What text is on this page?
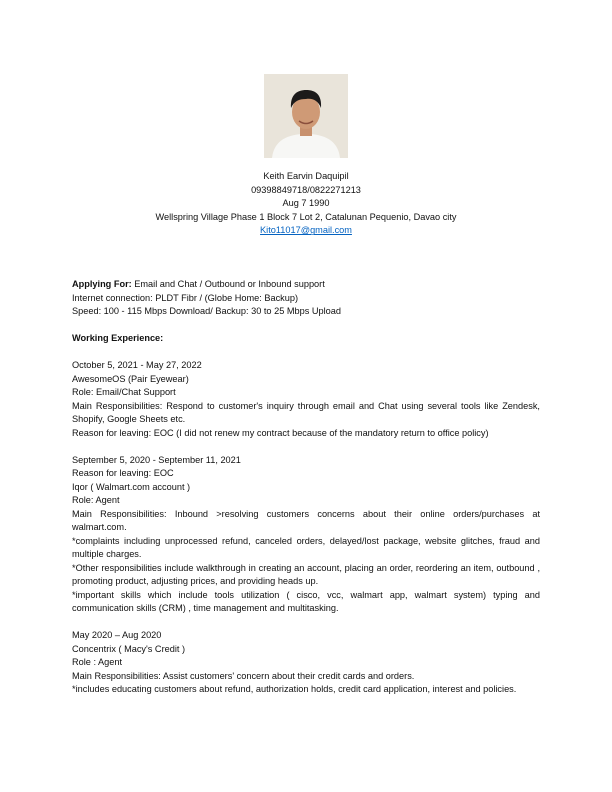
Keith Earvin Daquipil
09398849718/0822271213
Aug 7 1990
Wellspring Village Phase 1 Block 7 Lot 2, Catalunan Pequenio, Davao city
Kito11017@gmail.com
Applying For: Email and Chat / Outbound or Inbound support
Internet connection: PLDT Fibr / (Globe Home: Backup)
Speed: 100 - 115 Mbps Download/ Backup: 30 to 25 Mbps Upload
Working Experience:
October 5, 2021 - May 27, 2022
AwesomeOS (Pair Eyewear)
Role: Email/Chat Support
Main Responsibilities: Respond to customer's inquiry through email and Chat using several tools like Zendesk, Shopify, Google Sheets etc.
Reason for leaving: EOC (I did not renew my contract because of the mandatory return to office policy)
September 5, 2020 - September 11, 2021
Reason for leaving: EOC
Iqor ( Walmart.com account )
Role: Agent
Main Responsibilities: Inbound >resolving customers concerns about their online orders/purchases at walmart.com.
*complaints including unprocessed refund, canceled orders, delayed/lost package, website glitches, fraud and multiple charges.
*Other responsibilities include walkthrough in creating an account, placing an order, reordering an item, outbound , promoting product, adjusting prices, and providing heads up.
*important skills which include tools utilization ( cisco, vcc, walmart app, walmart system) typing and communication skills (CRM) , time management and multitasking.
May 2020 – Aug 2020
Concentrix ( Macy's Credit )
Role : Agent
Main Responsibilities: Assist customers' concern about their credit cards and orders.
*includes educating customers about refund, authorization holds, credit card application, interest and policies.
